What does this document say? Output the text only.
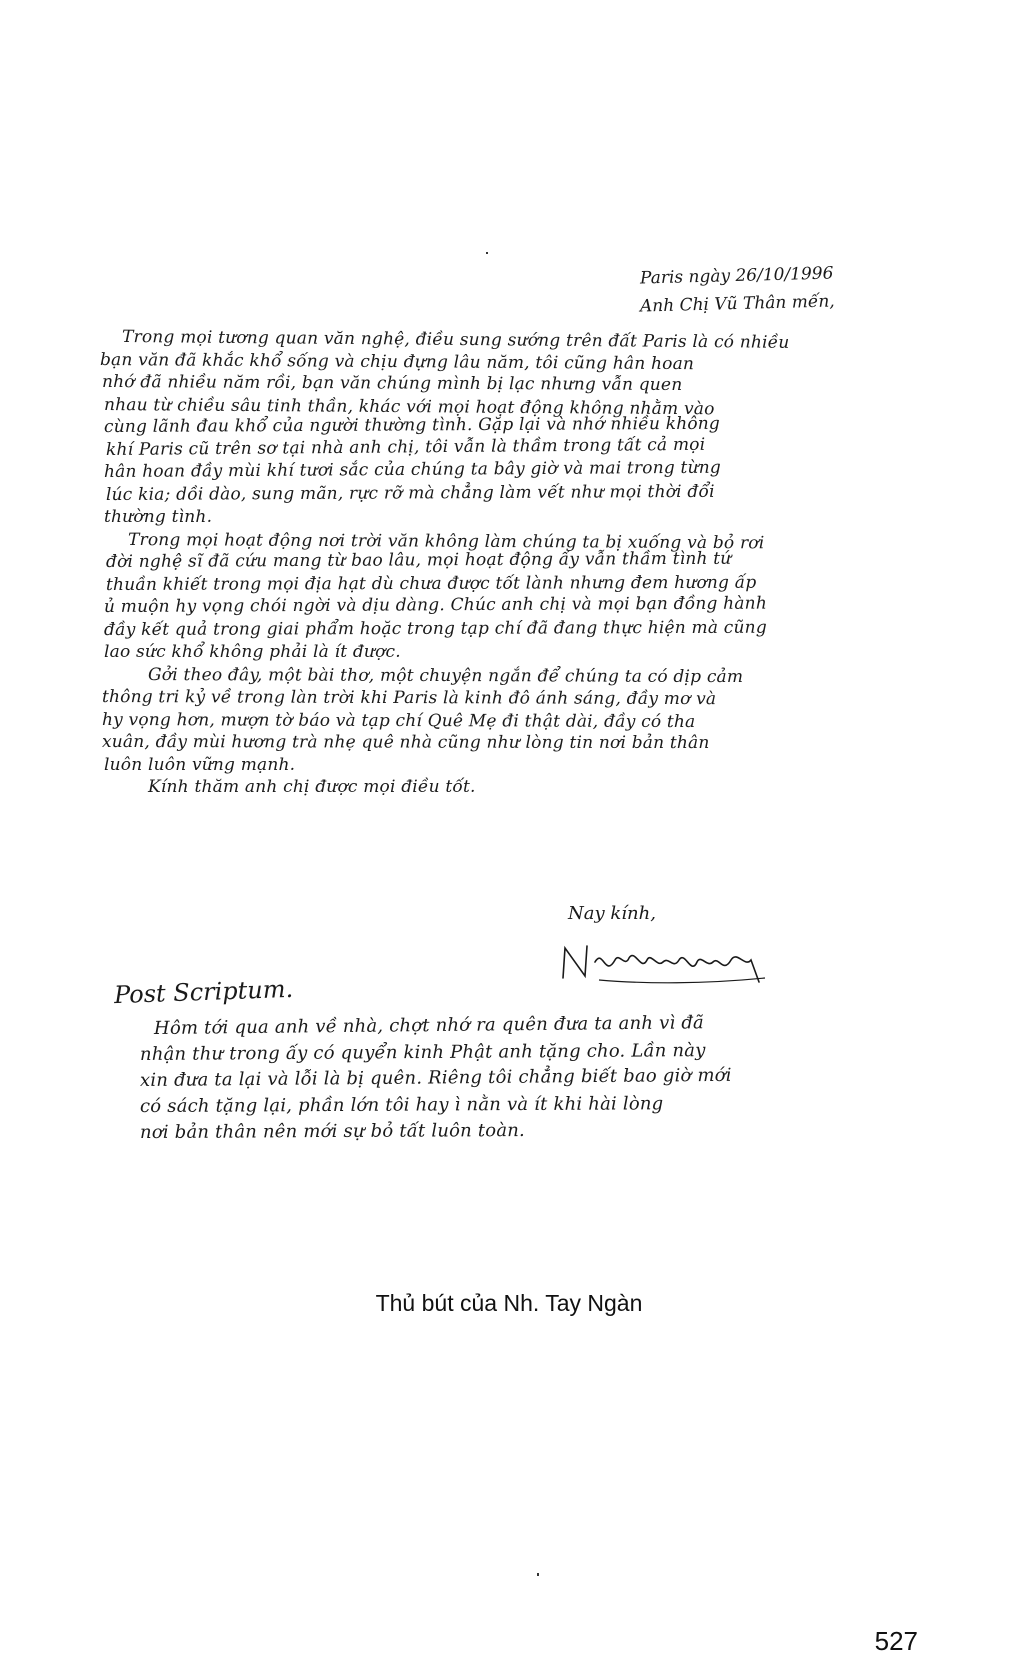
Paris ngày 26/10/1996
Anh Chị Vũ Thân mến,
Trong mọi tương quan văn nghệ, điều sung sướng trên đất Paris là có nhiều
bạn văn đã khắc khổ sống và chịu đựng lâu năm, tôi cũng hân hoan
nhớ đã nhiều năm rồi, bạn văn chúng mình bị lạc nhưng vẫn quen
nhau từ chiều sâu tinh thần, khác với mọi hoạt động không nhằm vào
cùng lãnh đau khổ của người thường tình. Gặp lại và nhớ nhiều không
khí Paris cũ trên sơ tại nhà anh chị, tôi vẫn là thầm trong tất cả mọi
hân hoan đầy mùi khí tươi sắc của chúng ta bây giờ và mai trong từng
lúc kia; dồi dào, sung mãn, rực rỡ mà chẳng làm vết như mọi thời đổi
thường tình.
Trong mọi hoạt động nơi trời văn không làm chúng ta bị xuống và bỏ rơi
đời nghệ sĩ đã cứu mang từ bao lâu, mọi hoạt động ấy vẫn thầm tình tứ
thuần khiết trong mọi địa hạt dù chưa được tốt lành nhưng đem hương ấp
ủ muộn hy vọng chói ngời và dịu dàng. Chúc anh chị và mọi bạn đồng hành
đầy kết quả trong giai phẩm hoặc trong tạp chí đã đang thực hiện mà cũng
lao sức khổ không phải là ít được.
Gởi theo đây, một bài thơ, một chuyện ngắn để chúng ta có dịp cảm
thông tri kỷ về trong làn trời khi Paris là kinh đô ánh sáng, đầy mơ và
hy vọng hơn, mượn tờ báo và tạp chí Quê Mẹ đi thật dài, đầy có tha
xuân, đầy mùi hương trà nhẹ quê nhà cũng như lòng tin nơi bản thân
luôn luôn vững mạnh.
Kính thăm anh chị được mọi điều tốt.
Nay kính,
Post Scriptum.
Hôm tới qua anh về nhà, chợt nhớ ra quên đưa ta anh vì đã
nhận thư trong ấy có quyển kinh Phật anh tặng cho. Lần này
xin đưa ta lại và lỗi là bị quên. Riêng tôi chẳng biết bao giờ mới
có sách tặng lại, phần lớn tôi hay ì nằn và ít khi hài lòng
nơi bản thân nên mới sự bỏ tất luôn toàn.
Thủ bút của Nh. Tay Ngàn
527
